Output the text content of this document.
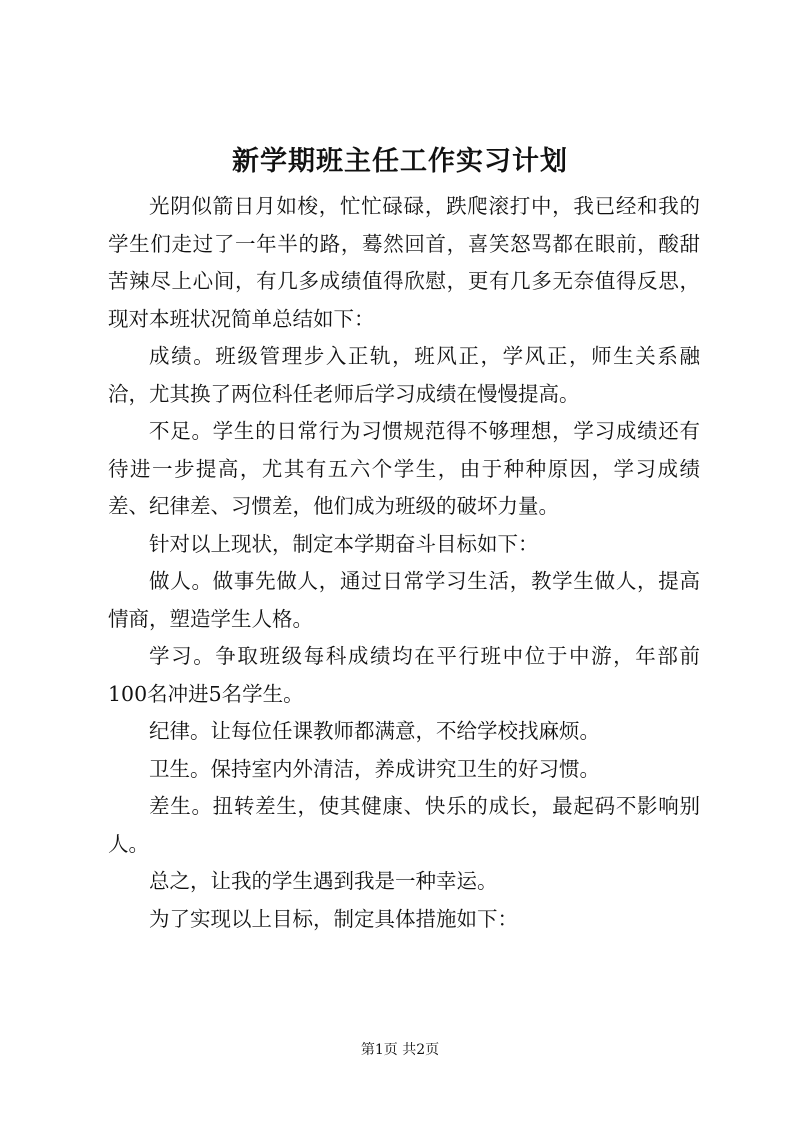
新学期班主任工作实习计划

光阴似箭日月如梭，忙忙碌碌，跌爬滚打中，我已经和我的学生们走过了一年半的路，蓦然回首，喜笑怒骂都在眼前，酸甜苦辣尽上心间，有几多成绩值得欣慰，更有几多无奈值得反思，现对本班状况简单总结如下：

成绩。班级管理步入正轨，班风正，学风正，师生关系融洽，尤其换了两位科任老师后学习成绩在慢慢提高。

不足。学生的日常行为习惯规范得不够理想，学习成绩还有待进一步提高，尤其有五六个学生，由于种种原因，学习成绩差、纪律差、习惯差，他们成为班级的破坏力量。

针对以上现状，制定本学期奋斗目标如下：

做人。做事先做人，通过日常学习生活，教学生做人，提高情商，塑造学生人格。

学习。争取班级每科成绩均在平行班中位于中游，年部前100名冲进5名学生。

纪律。让每位任课教师都满意，不给学校找麻烦。

卫生。保持室内外清洁，养成讲究卫生的好习惯。

差生。扭转差生，使其健康、快乐的成长，最起码不影响别人。

总之，让我的学生遇到我是一种幸运。

为了实现以上目标，制定具体措施如下：

第1页 共2页
